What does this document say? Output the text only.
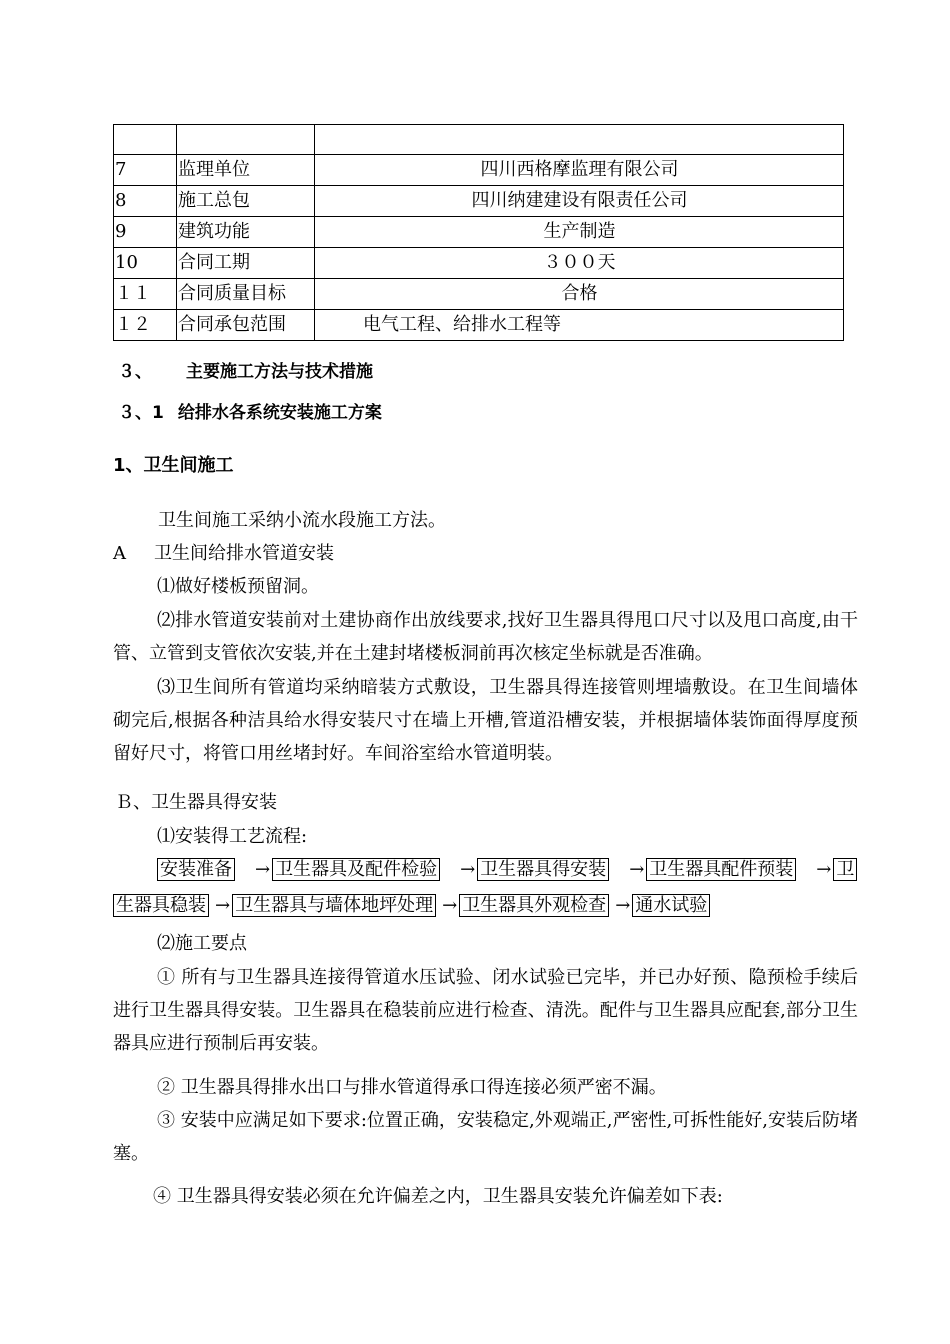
7	监理单位	四川西格摩监理有限公司
8	施工总包	四川纳建建设有限责任公司
9	建筑功能	生产制造
10	合同工期	３００天
１１	合同质量目标	合格
１２	合同承包范围	电气工程、给排水工程等
３、 主要施工方法与技术措施
３、1 给排水各系统安装施工方案
1、卫生间施工
卫生间施工采纳小流水段施工方法。
A 卫生间给排水管道安装
⑴做好楼板预留洞。
⑵排水管道安装前对土建协商作出放线要求,找好卫生器具得甩口尺寸以及甩口高度,由干管、立管到支管依次安装,并在土建封堵楼板洞前再次核定坐标就是否准确。
⑶卫生间所有管道均采纳暗装方式敷设，卫生器具得连接管则埋墙敷设。在卫生间墙体砌完后,根据各种洁具给水得安装尺寸在墙上开槽,管道沿槽安装，并根据墙体装饰面得厚度预留好尺寸，将管口用丝堵封好。车间浴室给水管道明装。
Ｂ、卫生器具得安装
⑴安装得工艺流程:
安装准备 → 卫生器具及配件检验 → 卫生器具得安装 → 卫生器具配件预装 → 卫
生器具稳装 → 卫生器具与墙体地坪处理 → 卫生器具外观检查 → 通水试验
⑵施工要点
① 所有与卫生器具连接得管道水压试验、闭水试验已完毕，并已办好预、隐预检手续后进行卫生器具得安装。卫生器具在稳装前应进行检查、清洗。配件与卫生器具应配套,部分卫生器具应进行预制后再安装。
② 卫生器具得排水出口与排水管道得承口得连接必须严密不漏。
③ 安装中应满足如下要求:位置正确，安装稳定,外观端正,严密性,可拆性能好,安装后防堵塞。
④ 卫生器具得安装必须在允许偏差之内，卫生器具安装允许偏差如下表:
